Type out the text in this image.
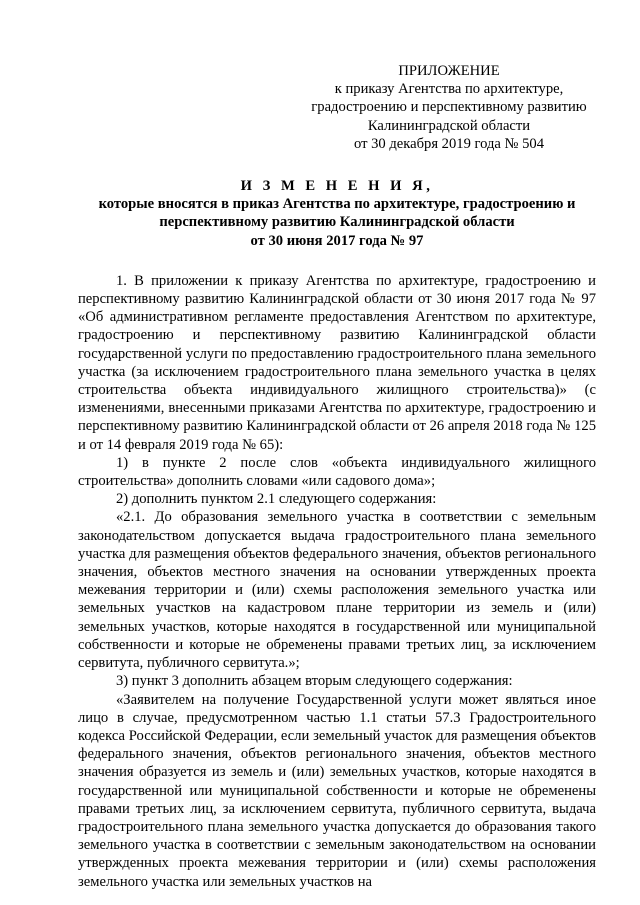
ПРИЛОЖЕНИЕ
к приказу Агентства по архитектуре,
градостроению и перспективному развитию
Калининградской области
от 30 декабря 2019 года № 504
И З М Е Н Е Н И Я,
которые вносятся в приказ Агентства по архитектуре, градостроению и
перспективному развитию Калининградской области
от 30 июня 2017 года № 97

1. В приложении к приказу Агентства по архитектуре, градостроению и перспективному развитию Калининградской области от 30 июня 2017 года № 97 «Об административном регламенте предоставления Агентством по архитектуре, градостроению и перспективному развитию Калининградской области государственной услуги по предоставлению градостроительного плана земельного участка (за исключением градостроительного плана земельного участка в целях строительства объекта индивидуального жилищного строительства)» (с изменениями, внесенными приказами Агентства по архитектуре, градостроению и перспективному развитию Калининградской области от 26 апреля 2018 года № 125 и от 14 февраля 2019 года № 65):

1) в пункте 2 после слов «объекта индивидуального жилищного строительства» дополнить словами «или садового дома»;

2) дополнить пунктом 2.1 следующего содержания:

«2.1. До образования земельного участка в соответствии с земельным законодательством допускается выдача градостроительного плана земельного участка для размещения объектов федерального значения, объектов регионального значения, объектов местного значения на основании утвержденных проекта межевания территории и (или) схемы расположения земельного участка или земельных участков на кадастровом плане территории из земель и (или) земельных участков, которые находятся в государственной или муниципальной собственности и которые не обременены правами третьих лиц, за исключением сервитута, публичного сервитута.»;

3) пункт 3 дополнить абзацем вторым следующего содержания:

«Заявителем на получение Государственной услуги может являться иное лицо в случае, предусмотренном частью 1.1 статьи 57.3 Градостроительного кодекса Российской Федерации, если земельный участок для размещения объектов федерального значения, объектов регионального значения, объектов местного значения образуется из земель и (или) земельных участков, которые находятся в государственной или муниципальной собственности и которые не обременены правами третьих лиц, за исключением сервитута, публичного сервитута, выдача градостроительного плана земельного участка допускается до образования такого земельного участка в соответствии с земельным законодательством на основании утвержденных проекта межевания территории и (или) схемы расположения земельного участка или земельных участков на
